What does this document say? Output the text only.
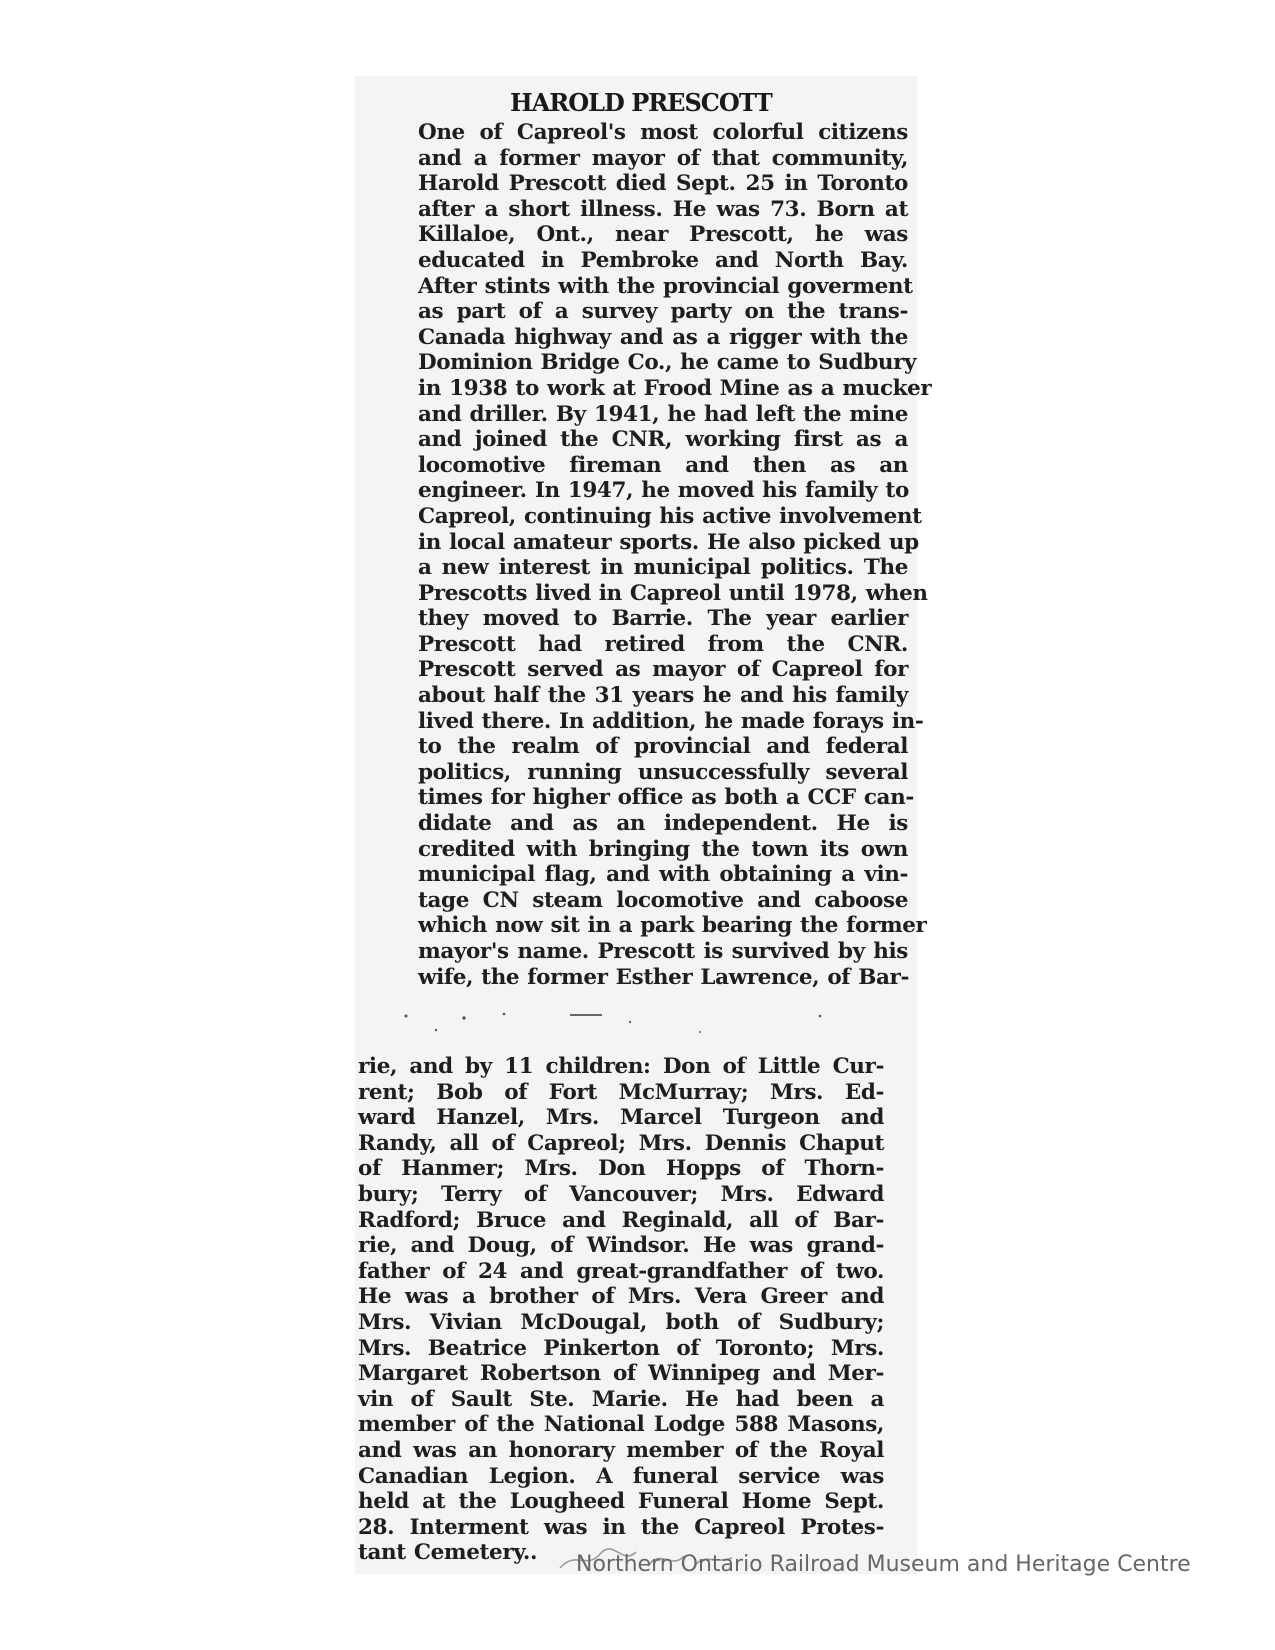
HAROLD PRESCOTT
One of Capreol's most colorful citizens
and a former mayor of that community,
Harold Prescott died Sept. 25 in Toronto
after a short illness. He was 73. Born at
Killaloe, Ont., near Prescott, he was
educated in Pembroke and North Bay.
After stints with the provincial goverment
as part of a survey party on the trans-
Canada highway and as a rigger with the
Dominion Bridge Co., he came to Sudbury
in 1938 to work at Frood Mine as a mucker
and driller. By 1941, he had left the mine
and joined the CNR, working first as a
locomotive fireman and then as an
engineer. In 1947, he moved his family to
Capreol, continuing his active involvement
in local amateur sports. He also picked up
a new interest in municipal politics. The
Prescotts lived in Capreol until 1978, when
they moved to Barrie. The year earlier
Prescott had retired from the CNR.
Prescott served as mayor of Capreol for
about half the 31 years he and his family
lived there. In addition, he made forays in-
to the realm of provincial and federal
politics, running unsuccessfully several
times for higher office as both a CCF can-
didate and as an independent. He is
credited with bringing the town its own
municipal flag, and with obtaining a vin-
tage CN steam locomotive and caboose
which now sit in a park bearing the former
mayor's name. Prescott is survived by his
wife, the former Esther Lawrence, of Bar-
rie, and by 11 children: Don of Little Cur-
rent; Bob of Fort McMurray; Mrs. Ed-
ward Hanzel, Mrs. Marcel Turgeon and
Randy, all of Capreol; Mrs. Dennis Chaput
of Hanmer; Mrs. Don Hopps of Thorn-
bury; Terry of Vancouver; Mrs. Edward
Radford; Bruce and Reginald, all of Bar-
rie, and Doug, of Windsor. He was grand-
father of 24 and great-grandfather of two.
He was a brother of Mrs. Vera Greer and
Mrs. Vivian McDougal, both of Sudbury;
Mrs. Beatrice Pinkerton of Toronto; Mrs.
Margaret Robertson of Winnipeg and Mer-
vin of Sault Ste. Marie. He had been a
member of the National Lodge 588 Masons,
and was an honorary member of the Royal
Canadian Legion. A funeral service was
held at the Lougheed Funeral Home Sept.
28. Interment was in the Capreol Protes-
tant Cemetery..	Northern Ontario Railroad Museum and Heritage Centre
